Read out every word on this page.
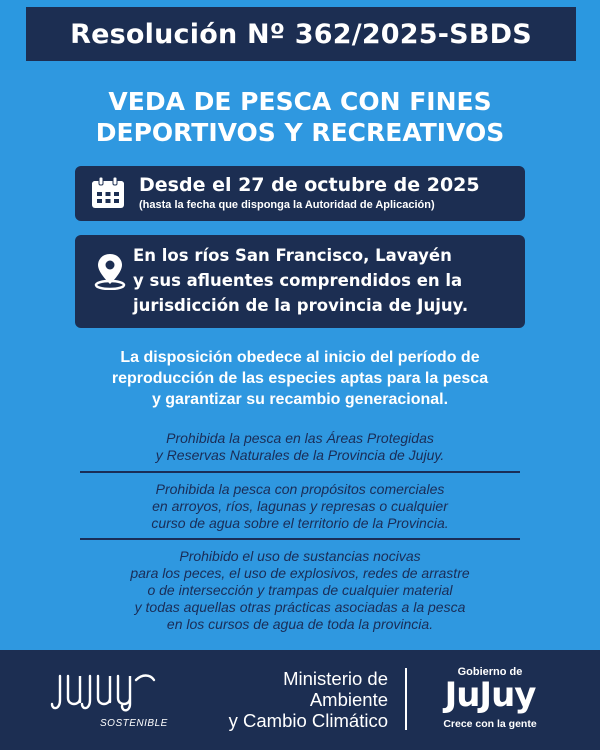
Resolución Nº 362/2025-SBDS
VEDA DE PESCA CON FINES
DEPORTIVOS Y RECREATIVOS
Desde el 27 de octubre de 2025
(hasta la fecha que disponga la Autoridad de Aplicación)
En los ríos San Francisco, Lavayén
y sus afluentes comprendidos en la
jurisdicción de la provincia de Jujuy.
La disposición obedece al inicio del período de
reproducción de las especies aptas para la pesca
y garantizar su recambio generacional.
Prohibida la pesca en las Áreas Protegidas
y Reservas Naturales de la Provincia de Jujuy.
Prohibida la pesca con propósitos comerciales
en arroyos, ríos, lagunas y represas o cualquier
curso de agua sobre el territorio de la Provincia.
Prohibido el uso de sustancias nocivas
para los peces, el uso de explosivos, redes de arrastre
o de intersección y trampas de cualquier material
y todas aquellas otras prácticas asociadas a la pesca
en los cursos de agua de toda la provincia.
SOSTENIBLE
Ministerio de
Ambiente
y Cambio Climático
Gobierno de
JuJuy
Crece con la gente
